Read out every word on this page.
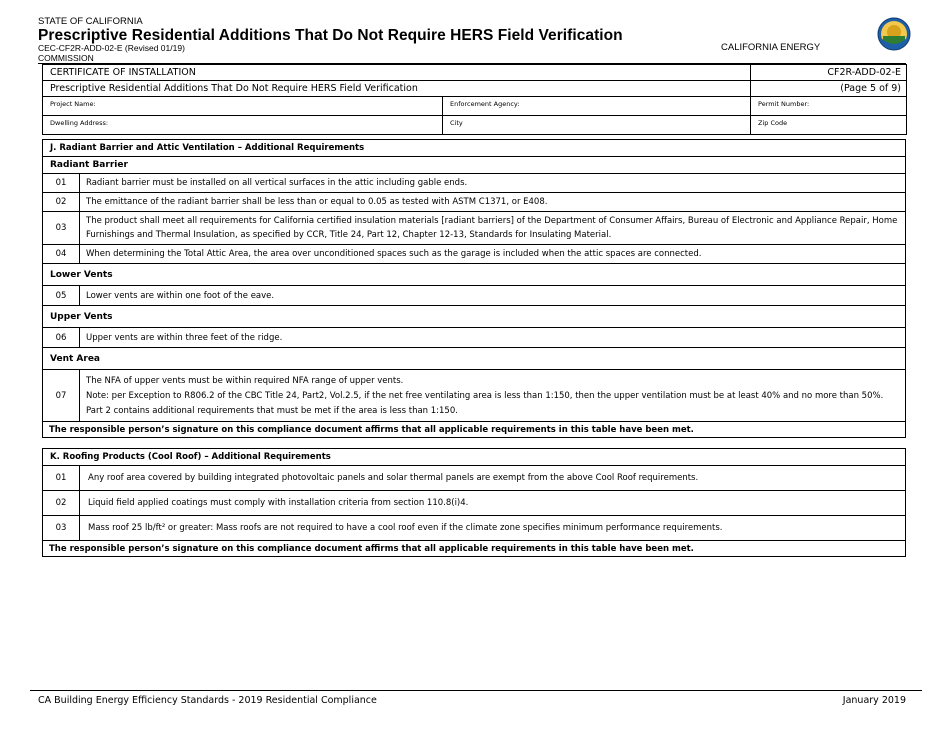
STATE OF CALIFORNIA
Prescriptive Residential Additions That Do Not Require HERS Field Verification
CEC-CF2R-ADD-02-E (Revised 01/19)
COMMISSION
CALIFORNIA ENERGY
CERTIFICATE OF INSTALLATION		CF2R-ADD-02-E
Prescriptive Residential Additions That Do Not Require HERS Field Verification		(Page 5 of 9)
Project Name:	Enforcement Agency:	Permit Number:
Dwelling Address:	City	Zip Code
J. Radiant Barrier and Attic Ventilation – Additional Requirements	
Radiant Barrier	
01	Radiant barrier must be installed on all vertical surfaces in the attic including gable ends.
02	The emittance of the radiant barrier shall be less than or equal to 0.05 as tested with ASTM C1371, or E408.
03	The product shall meet all requirements for California certified insulation materials [radiant barriers] of the Department of Consumer Affairs, Bureau of Electronic and Appliance Repair, Home Furnishings and Thermal Insulation, as specified by CCR, Title 24, Part 12, Chapter 12-13, Standards for Insulating Material.
04	When determining the Total Attic Area, the area over unconditioned spaces such as the garage is included when the attic spaces are connected.
Lower Vents	
05	Lower vents are within one foot of the eave.
Upper Vents	
06	Upper vents are within three feet of the ridge.
Vent Area	
07	The NFA of upper vents must be within required NFA range of upper vents.
Note: per Exception to R806.2 of the CBC Title 24, Part2, Vol.2.5, if the net free ventilating area is less than 1:150, then the upper ventilation must be at least 40% and no more than 50%. Part 2 contains additional requirements that must be met if the area is less than 1:150.

The responsible person’s signature on this compliance document affirms that all applicable requirements in this table have been met.	
K. Roofing Products (Cool Roof) – Additional Requirements	
01	Any roof area covered by building integrated photovoltaic panels and solar thermal panels are exempt from the above Cool Roof requirements.
02	Liquid field applied coatings must comply with installation criteria from section 110.8(i)4.
03	Mass roof 25 lb/ft² or greater: Mass roofs are not required to have a cool roof even if the climate zone specifies minimum performance requirements.
The responsible person’s signature on this compliance document affirms that all applicable requirements in this table have been met.	
CA Building Energy Efficiency Standards - 2019 Residential Compliance	January 2019
